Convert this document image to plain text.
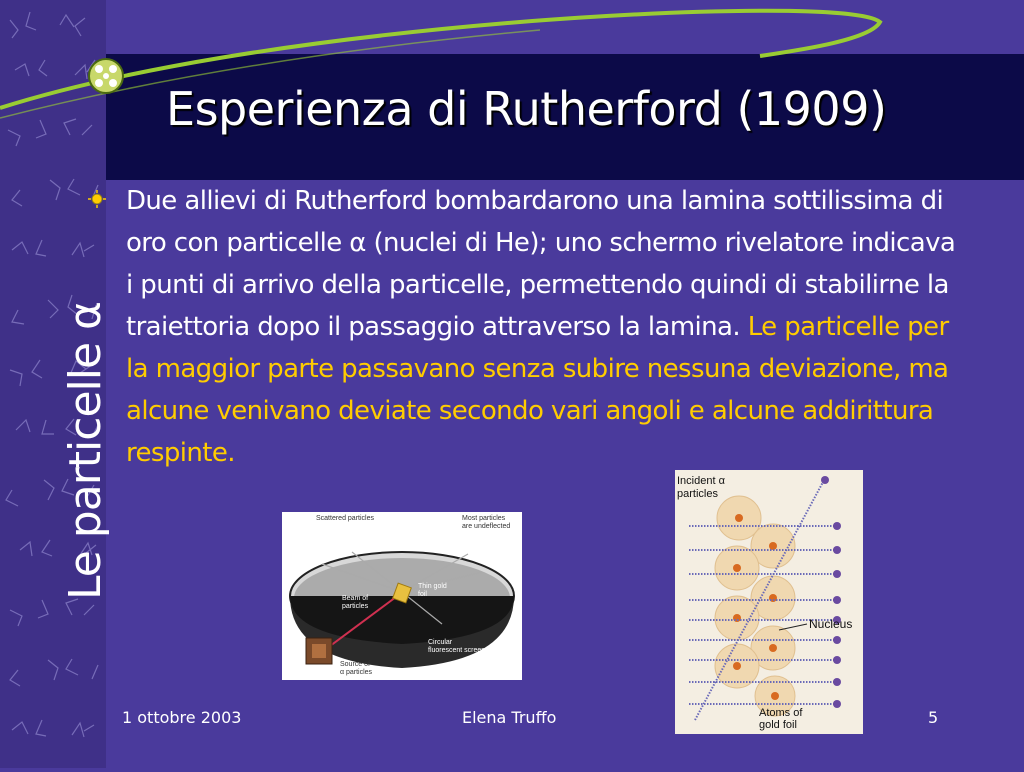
Esperienza di Rutherford (1909)
Le particelle α
Due allievi di Rutherford bombardarono una lamina sottilissima di oro con particelle α (nuclei di He); uno schermo rivelatore indicava i punti di arrivo della particelle, permettendo quindi di stabilirne la traiettoria dopo il passaggio attraverso la lamina. Le particelle per la maggior parte passavano senza subire nessuna deviazione, ma alcune venivano deviate secondo vari angoli e alcune addirittura respinte.
Scattered particles	Most particles
are undeflected
Thin gold
foil
Beam of
particles
Circular
fluorescent screen
Source of
α particles
Incident α
particles
Nucleus
Atoms of
gold foil
1 ottobre 2003	Elena Truffo	5
